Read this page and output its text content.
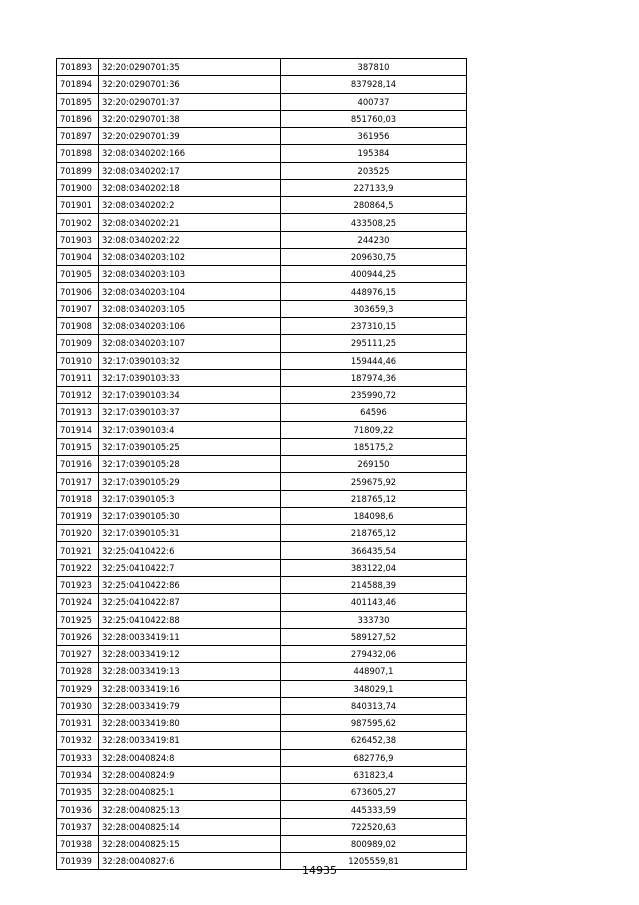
701893	32:20:0290701:35	387810
701894	32:20:0290701:36	837928,14
701895	32:20:0290701:37	400737
701896	32:20:0290701:38	851760,03
701897	32:20:0290701:39	361956
701898	32:08:0340202:166	195384
701899	32:08:0340202:17	203525
701900	32:08:0340202:18	227133,9
701901	32:08:0340202:2	280864,5
701902	32:08:0340202:21	433508,25
701903	32:08:0340202:22	244230
701904	32:08:0340203:102	209630,75
701905	32:08:0340203:103	400944,25
701906	32:08:0340203:104	448976,15
701907	32:08:0340203:105	303659,3
701908	32:08:0340203:106	237310,15
701909	32:08:0340203:107	295111,25
701910	32:17:0390103:32	159444,46
701911	32:17:0390103:33	187974,36
701912	32:17:0390103:34	235990,72
701913	32:17:0390103:37	64596
701914	32:17:0390103:4	71809,22
701915	32:17:0390105:25	185175,2
701916	32:17:0390105:28	269150
701917	32:17:0390105:29	259675,92
701918	32:17:0390105:3	218765,12
701919	32:17:0390105:30	184098,6
701920	32:17:0390105:31	218765,12
701921	32:25:0410422:6	366435,54
701922	32:25:0410422:7	383122,04
701923	32:25:0410422:86	214588,39
701924	32:25:0410422:87	401143,46
701925	32:25:0410422:88	333730
701926	32:28:0033419:11	589127,52
701927	32:28:0033419:12	279432,06
701928	32:28:0033419:13	448907,1
701929	32:28:0033419:16	348029,1
701930	32:28:0033419:79	840313,74
701931	32:28:0033419:80	987595,62
701932	32:28:0033419:81	626452,38
701933	32:28:0040824:8	682776,9
701934	32:28:0040824:9	631823,4
701935	32:28:0040825:1	673605,27
701936	32:28:0040825:13	445333,59
701937	32:28:0040825:14	722520,63
701938	32:28:0040825:15	800989,02
701939	32:28:0040827:6	1205559,81
14935
